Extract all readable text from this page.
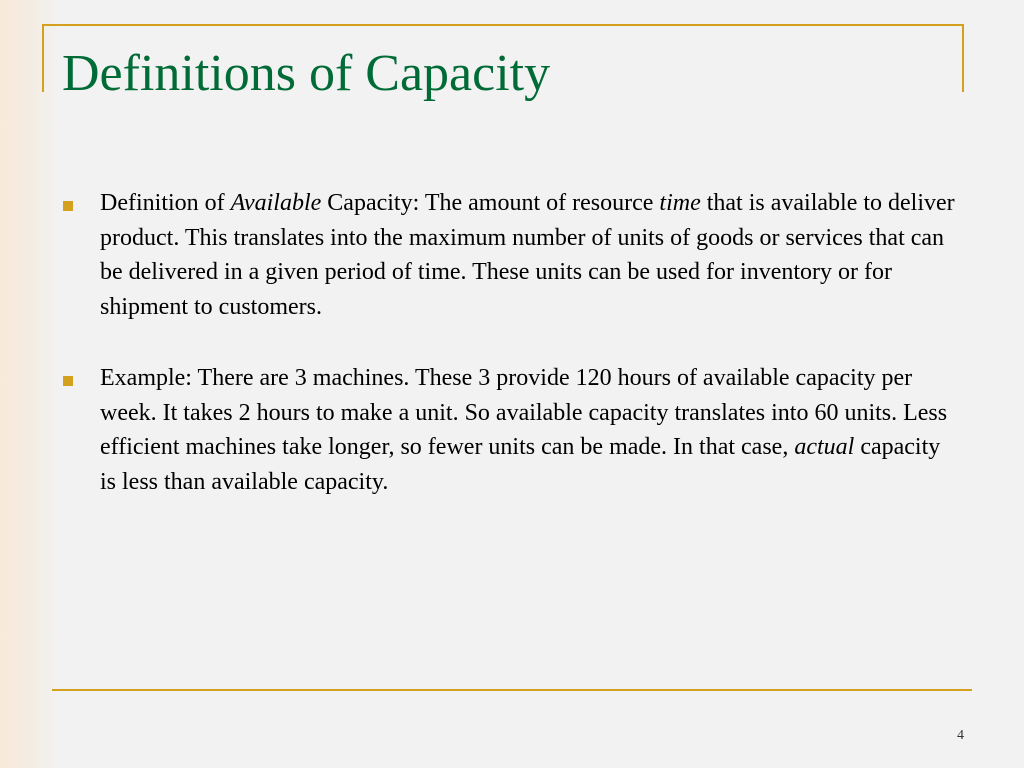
Definitions of Capacity
Definition of Available Capacity: The amount of resource time that is available to deliver product. This translates into the maximum number of units of goods or services that can be delivered in a given period of time. These units can be used for inventory or for shipment to customers.
Example: There are 3 machines. These 3 provide 120 hours of available capacity per week. It takes 2 hours to make a unit. So available capacity translates into 60 units. Less efficient machines take longer, so fewer units can be made. In that case, actual capacity is less than available capacity.
4
